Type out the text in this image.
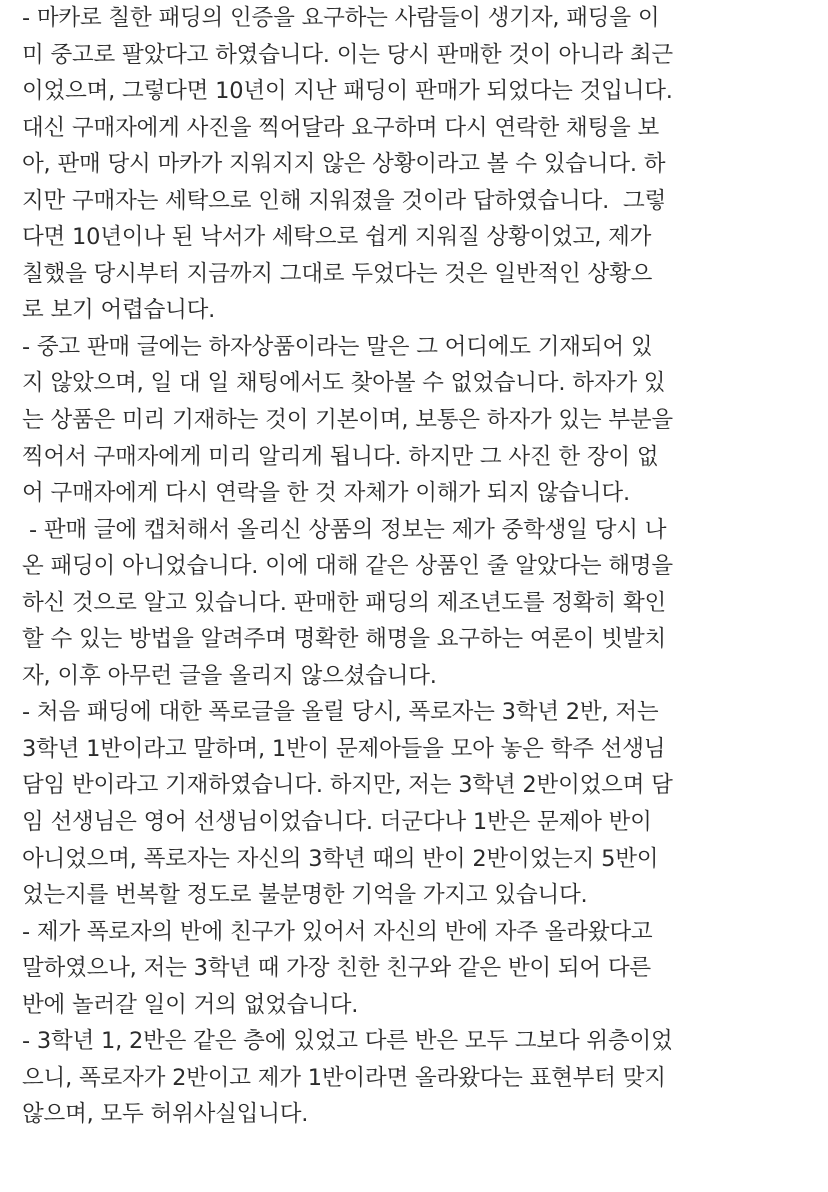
- 마카로 칠한 패딩의 인증을 요구하는 사람들이 생기자, 패딩을 이
미 중고로 팔았다고 하였습니다. 이는 당시 판매한 것이 아니라 최근
이었으며, 그렇다면 10년이 지난 패딩이 판매가 되었다는 것입니다.
대신 구매자에게 사진을 찍어달라 요구하며 다시 연락한 채팅을 보
아, 판매 당시 마카가 지워지지 않은 상황이라고 볼 수 있습니다. 하
지만 구매자는 세탁으로 인해 지워졌을 것이라 답하였습니다.  그렇
다면 10년이나 된 낙서가 세탁으로 쉽게 지워질 상황이었고, 제가
칠했을 당시부터 지금까지 그대로 두었다는 것은 일반적인 상황으
로 보기 어렵습니다.
- 중고 판매 글에는 하자상품이라는 말은 그 어디에도 기재되어 있
지 않았으며, 일 대 일 채팅에서도 찾아볼 수 없었습니다. 하자가 있
는 상품은 미리 기재하는 것이 기본이며, 보통은 하자가 있는 부분을
찍어서 구매자에게 미리 알리게 됩니다. 하지만 그 사진 한 장이 없
어 구매자에게 다시 연락을 한 것 자체가 이해가 되지 않습니다.
- 판매 글에 캡처해서 올리신 상품의 정보는 제가 중학생일 당시 나
온 패딩이 아니었습니다. 이에 대해 같은 상품인 줄 알았다는 해명을
하신 것으로 알고 있습니다. 판매한 패딩의 제조년도를 정확히 확인
할 수 있는 방법을 알려주며 명확한 해명을 요구하는 여론이 빗발치
자, 이후 아무런 글을 올리지 않으셨습니다.
- 처음 패딩에 대한 폭로글을 올릴 당시, 폭로자는 3학년 2반, 저는
3학년 1반이라고 말하며, 1반이 문제아들을 모아 놓은 학주 선생님
담임 반이라고 기재하였습니다. 하지만, 저는 3학년 2반이었으며 담
임 선생님은 영어 선생님이었습니다. 더군다나 1반은 문제아 반이
아니었으며, 폭로자는 자신의 3학년 때의 반이 2반이었는지 5반이
었는지를 번복할 정도로 불분명한 기억을 가지고 있습니다.
- 제가 폭로자의 반에 친구가 있어서 자신의 반에 자주 올라왔다고
말하였으나, 저는 3학년 때 가장 친한 친구와 같은 반이 되어 다른
반에 놀러갈 일이 거의 없었습니다.
- 3학년 1, 2반은 같은 층에 있었고 다른 반은 모두 그보다 위층이었
으니, 폭로자가 2반이고 제가 1반이라면 올라왔다는 표현부터 맞지
않으며, 모두 허위사실입니다.
